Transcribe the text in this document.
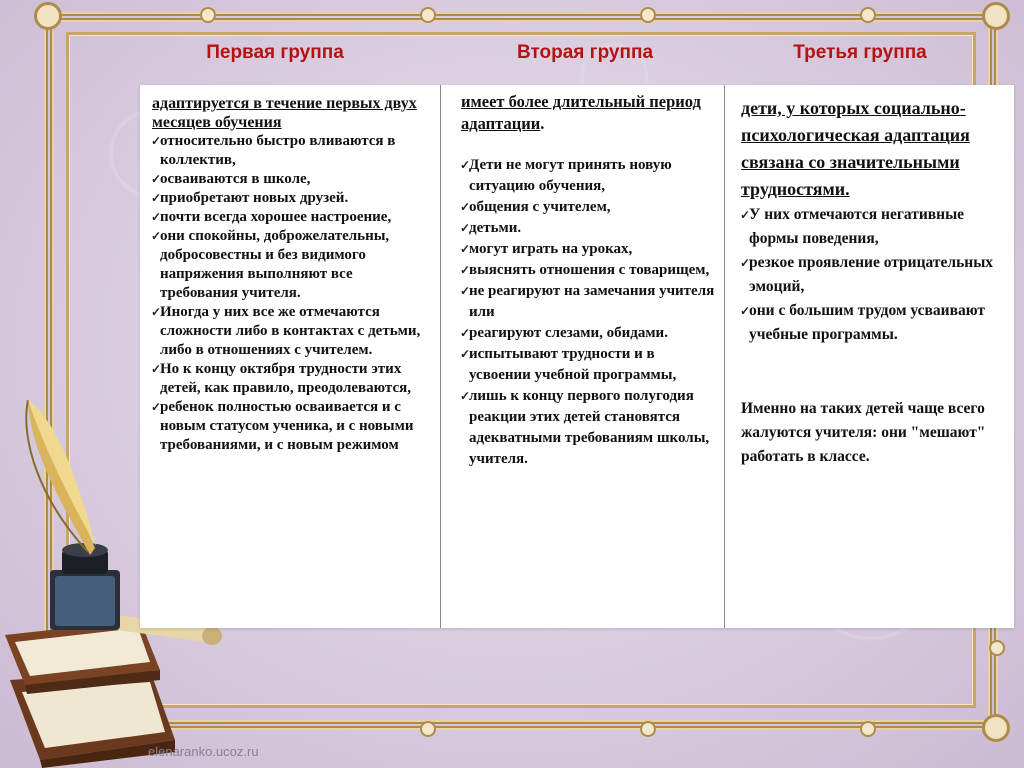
Первая группа	Вторая группа	Третья группа

адаптируется в течение первых двух месяцев обучения

✓ относительно быстро вливаются в коллектив,
✓ осваиваются в школе,
✓ приобретают новых друзей.
✓ почти всегда хорошее настроение,
✓ они спокойны, доброжелательны, добросовестны и без видимого напряжения выполняют все требования учителя.
✓ Иногда у них все же отмечаются сложности либо в контактах с детьми, либо в отношениях с учителем.
✓ Но к концу октября трудности этих детей, как правило, преодолеваются,
✓ ребенок полностью осваивается и с новым статусом ученика, и с новыми требованиями, и с новым режимом

имеет более длительный период адаптации.

✓ Дети не могут принять новую ситуацию обучения,
✓ общения с учителем,
✓ детьми.
✓ могут играть на уроках,
✓ выяснять отношения с товарищем,
✓ не реагируют на замечания учителя или
✓ реагируют слезами, обидами.
✓ испытывают трудности и в усвоении учебной программы,
✓ лишь к концу первого полугодия реакции этих детей становятся адекватными требованиям школы, учителя.

дети, у которых социально-психологическая адаптация связана со значительными трудностями.

✓ У них отмечаются негативные формы поведения,
✓ резкое проявление отрицательных эмоций,
✓ они с большим трудом усваивают учебные программы.

Именно на таких детей чаще всего жалуются учителя: они "мешают" работать в классе.

elenaranko.ucoz.ru
